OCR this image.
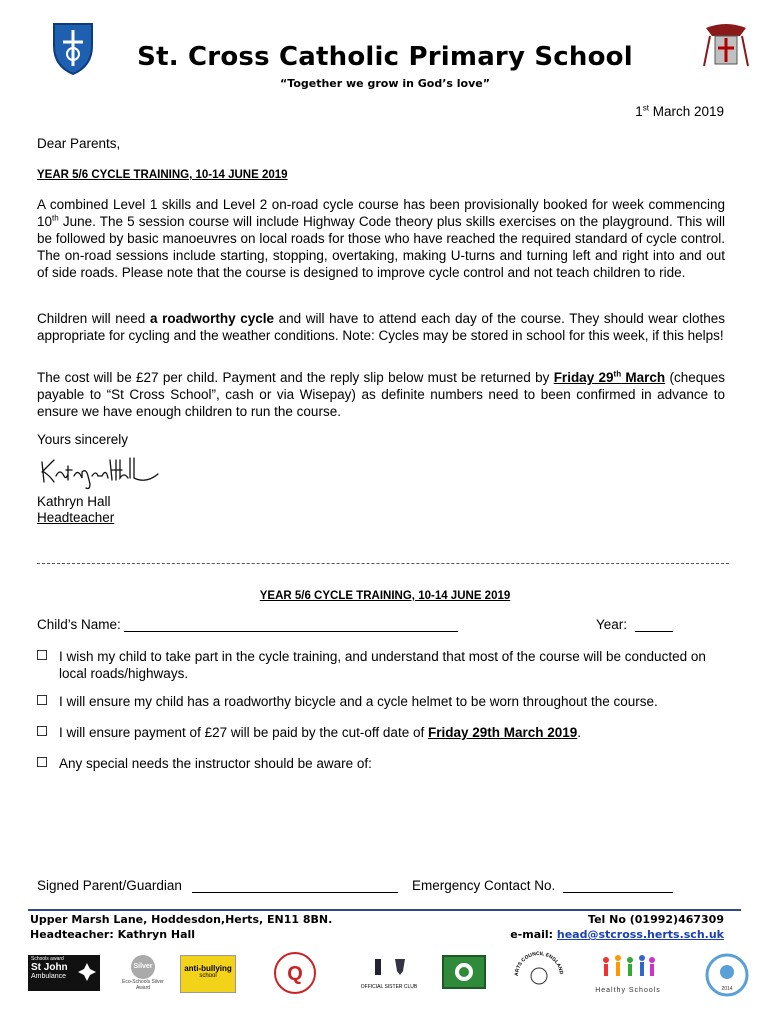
St. Cross Catholic Primary School
“Together we grow in God’s love”
1st March 2019
Dear Parents,
YEAR 5/6 CYCLE TRAINING, 10-14 JUNE 2019
A combined Level 1 skills and Level 2 on-road cycle course has been provisionally booked for week commencing 10th June. The 5 session course will include Highway Code theory plus skills exercises on the playground. This will be followed by basic manoeuvres on local roads for those who have reached the required standard of cycle control. The on-road sessions include starting, stopping, overtaking, making U-turns and turning left and right into and out of side roads. Please note that the course is designed to improve cycle control and not teach children to ride.
Children will need a roadworthy cycle and will have to attend each day of the course. They should wear clothes appropriate for cycling and the weather conditions. Note: Cycles may be stored in school for this week, if this helps!
The cost will be £27 per child. Payment and the reply slip below must be returned by Friday 29th March (cheques payable to “St Cross School”, cash or via Wisepay) as definite numbers need to been confirmed in advance to ensure we have enough children to run the course.
Yours sincerely
Kathryn Hall
Headteacher
YEAR 5/6 CYCLE TRAINING, 10-14 JUNE 2019
Child’s Name:	Year:
I wish my child to take part in the cycle training, and understand that most of the course will be conducted on local roads/highways.
I will ensure my child has a roadworthy bicycle and a cycle helmet to be worn throughout the course.
I will ensure payment of £27 will be paid by the cut-off date of Friday 29th March 2019.
Any special needs the instructor should be aware of:
Signed Parent/Guardian	Emergency Contact No.
Upper Marsh Lane, Hoddesdon,Herts, EN11 8BN.
Headteacher: Kathryn Hall
Tel No (01992)467309
e-mail: head@stcross.herts.sch.uk
Schools award
St John
Ambulance
Silver
Eco-Schools Silver Award
anti-bullying
school	Q
OFFICIAL SISTER CLUB
ARTS COUNCIL ENGLAND
Healthy Schools	2014
